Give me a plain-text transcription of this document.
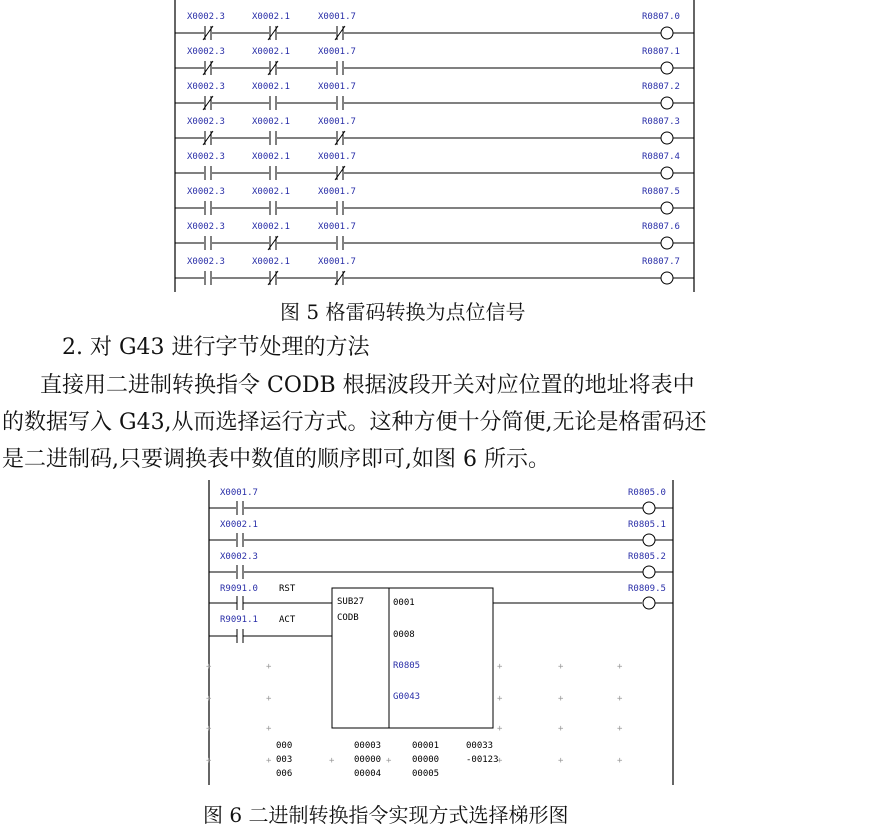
X0002.3	X0002.1	X0001.7	R0807.0
X0002.3	X0002.1	X0001.7	R0807.1
X0002.3	X0002.1	X0001.7	R0807.2
X0002.3	X0002.1	X0001.7	R0807.3
X0002.3	X0002.1	X0001.7	R0807.4
X0002.3	X0002.1	X0001.7	R0807.5
X0002.3	X0002.1	X0001.7	R0807.6
X0002.3	X0002.1	X0001.7	R0807.7
图 5 格雷码转换为点位信号
2. 对 G43 进行字节处理的方法
直接用二进制转换指令 CODB 根据波段开关对应位置的地址将表中
的数据写入 G43,从而选择运行方式。这种方便十分简便,无论是格雷码还
是二进制码,只要调换表中数值的顺序即可,如图 6 所示。
+	+	+	+	+
+	+	+	+	+
+	+	+	+	+
+	+	+	+	+	+	+
X0001.7	R0805.0
X0002.1	R0805.1
X0002.3	R0805.2
R9091.0 RST
R9091.1 ACT
R0809.5
SUB27
CODB
0001
0008
R0805
G0043
000	00003	00001	00033
003	00000	00000	-00123
006	00004	00005
图 6 二进制转换指令实现方式选择梯形图
